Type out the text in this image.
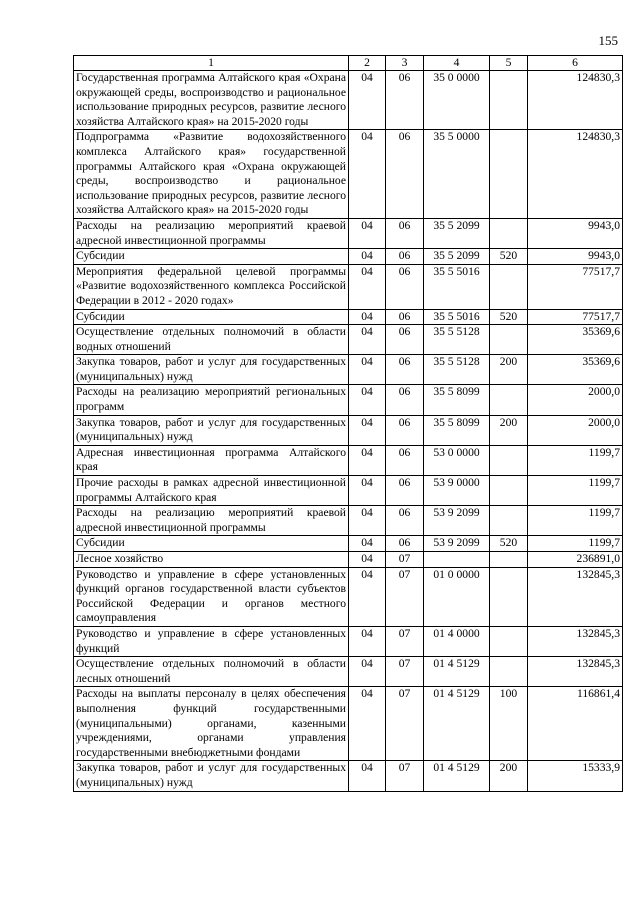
155
1	2	3	4	5	6
Государственная программа Алтайского края «Охрана окружающей среды, воспроизводство и рациональное использование природных ресурсов, развитие лесного хозяйства Алтайского края» на 2015-2020 годы	04	06	35 0 0000		124830,3
Подпрограмма «Развитие водохозяйственного комплекса Алтайского края» государственной программы Алтайского края «Охрана окружающей среды, воспроизводство и рациональное использование природных ресурсов, развитие лесного хозяйства Алтайского края» на 2015-2020 годы	04	06	35 5 0000		124830,3
Расходы на реализацию мероприятий краевой адресной инвестиционной программы	04	06	35 5 2099		9943,0
Субсидии	04	06	35 5 2099	520	9943,0
Мероприятия федеральной целевой программы «Развитие водохозяйственного комплекса Российской Федерации в 2012 - 2020 годах»	04	06	35 5 5016		77517,7
Субсидии	04	06	35 5 5016	520	77517,7
Осуществление отдельных полномочий в области водных отношений	04	06	35 5 5128		35369,6
Закупка товаров, работ и услуг для государственных (муниципальных) нужд	04	06	35 5 5128	200	35369,6
Расходы на реализацию мероприятий региональных программ	04	06	35 5 8099		2000,0
Закупка товаров, работ и услуг для государственных (муниципальных) нужд	04	06	35 5 8099	200	2000,0
Адресная инвестиционная программа Алтайского края	04	06	53 0 0000		1199,7
Прочие расходы в рамках адресной инвестиционной программы Алтайского края	04	06	53 9 0000		1199,7
Расходы на реализацию мероприятий краевой адресной инвестиционной программы	04	06	53 9 2099		1199,7
Субсидии	04	06	53 9 2099	520	1199,7
Лесное хозяйство	04	07			236891,0
Руководство и управление в сфере установленных функций органов государственной власти субъектов Российской Федерации и органов местного самоуправления	04	07	01 0 0000		132845,3
Руководство и управление в сфере установленных функций	04	07	01 4 0000		132845,3
Осуществление отдельных полномочий в области лесных отношений	04	07	01 4 5129		132845,3
Расходы на выплаты персоналу в целях обеспечения выполнения функций государственными (муниципальными) органами, казенными учреждениями, органами управления государственными внебюджетными фондами	04	07	01 4 5129	100	116861,4
Закупка товаров, работ и услуг для государственных (муниципальных) нужд	04	07	01 4 5129	200	15333,9
